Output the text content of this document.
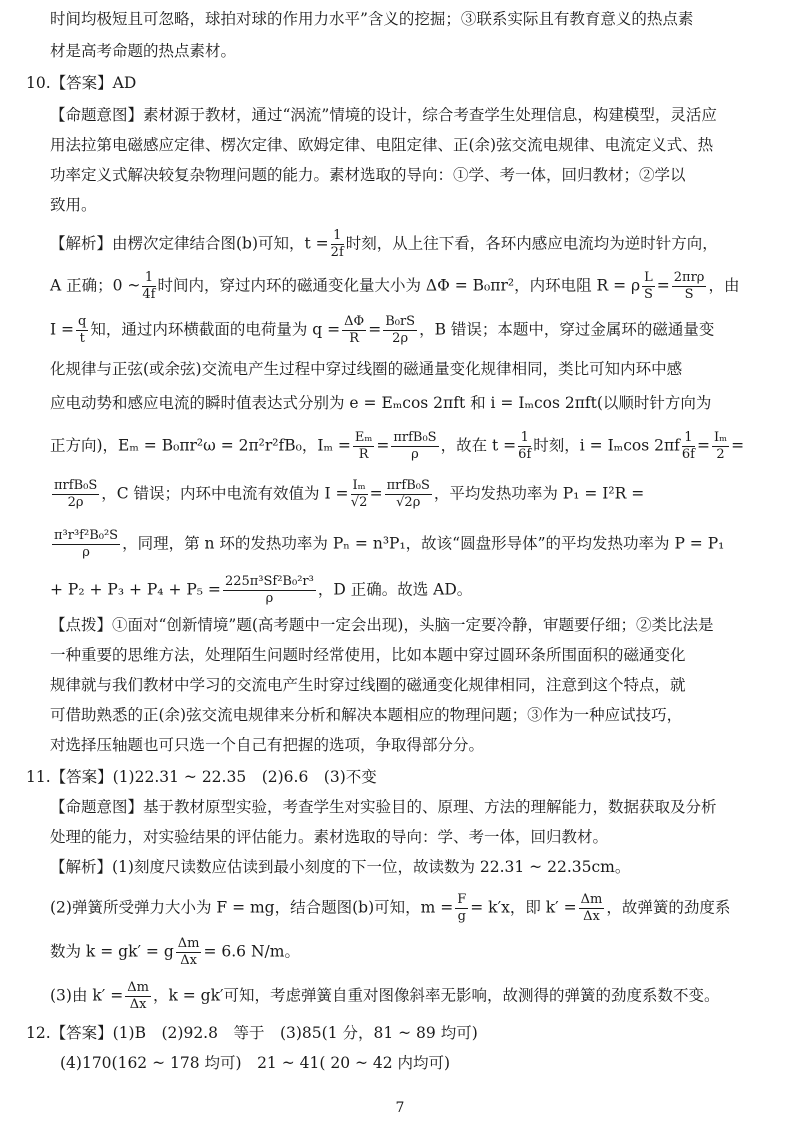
时间均极短且可忽略，球拍对球的作用力水平”含义的挖掘；③联系实际且有教育意义的热点素
材是高考命题的热点素材。
10.【答案】AD
【命题意图】素材源于教材，通过“涡流”情境的设计，综合考查学生处理信息，构建模型，灵活应
用法拉第电磁感应定律、楞次定律、欧姆定律、电阻定律、正(余)弦交流电规律、电流定义式、热
功率定义式解决较复杂物理问题的能力。素材选取的导向：①学、考一体，回归教材；②学以
致用。
【解析】由楞次定律结合图(b)可知，$t = \frac{1}{2f}$ 时刻，从上往下看，各环内感应电流均为逆时针方向，
A 正确；0 ~ $\frac{1}{4f}$ 时间内，穿过内环的磁通变化量大小为 ΔΦ = B₀πr²，内环电阻 R = ρ $\frac{L}{S} = \frac{\text{2πrρ}}{S}$ ，由
$I = \frac{q}{t}$ 知，通过内环横截面的电荷量为 $q = \frac{\Delta\Phi}{R} = \frac{\text{B₀rS}}{2\rho}$ ，B 错误；本题中，穿过金属环的磁通量变
化规律与正弦(或余弦)交流电产生过程中穿过线圈的磁通量变化规律相同，类比可知内环中感
应电动势和感应电流的瞬时值表达式分别为 e = Eₘcos 2πft 和 i = Iₘcos 2πft(以顺时针方向为
正方向)，Eₘ = B₀πr²ω = 2π²r²fB₀，$I_m = \frac{\text{Eₘ}}{R} = \frac{\text{πrfB₀S}}{\rho}$ ，故在 $t = \frac{1}{6f}$ 时刻，i = Iₘcos $2\pi f \frac{1}{6f} = \frac{\text{Iₘ}}{2}$ =
$\frac{\text{πrfB₀S}}{2\rho}$ ，C 错误；内环中电流有效值为 $I = \frac{\text{Iₘ}}{√2} = \frac{\text{πrfB₀S}}{√2\rho}$ ，平均发热功率为 P₁ = I²R =
$\frac{\text{π³r³f²B₀²S}}{\rho}$ ，同理，第 n 环的发热功率为 Pₙ = n³P₁，故该“圆盘形导体”的平均发热功率为 P = P₁
+ $P_2 + P_3 + P_4 + P_5 = \frac{\text{225π³Sf²B₀²r³}}{\rho}$ ，D 正确。故选 AD。
【点拨】①面对“创新情境”题(高考题中一定会出现)，头脑一定要冷静，审题要仔细；②类比法是
一种重要的思维方法，处理陌生问题时经常使用，比如本题中穿过圆环条所围面积的磁通变化
规律就与我们教材中学习的交流电产生时穿过线圈的磁通变化规律相同，注意到这个特点，就
可借助熟悉的正(余)弦交流电规律来分析和解决本题相应的物理问题；③作为一种应试技巧，
对选择压轴题也可只选一个自己有把握的选项，争取得部分分。
11.【答案】(1)22.31 ~ 22.35　(2)6.6　(3)不变
【命题意图】基于教材原型实验，考查学生对实验目的、原理、方法的理解能力，数据获取及分析
处理的能力，对实验结果的评估能力。素材选取的导向：学、考一体，回归教材。
【解析】(1)刻度尺读数应估读到最小刻度的下一位，故读数为 22.31 ~ 22.35cm。
(2)弹簧所受弹力大小为 F = mg，结合题图(b)可知，$m = \frac{F}{g} = k'x$，即 $k' = \frac{\Delta m}{\Delta x}$ ，故弹簧的劲度系
数为 k = gk′ = g $\frac{\Delta m}{\Delta x} = 6.6$ N/m。
(3)由 $k' = \frac{\Delta m}{\Delta x}$ ，k = gk′可知，考虑弹簧自重对图像斜率无影响，故测得的弹簧的劲度系数不变。
12.【答案】(1)B　(2)92.8　等于　(3)85(1 分，81 ~ 89 均可)
(4)170(162 ~ 178 均可)　21 ~ 41( 20 ~ 42 内均可)
7
